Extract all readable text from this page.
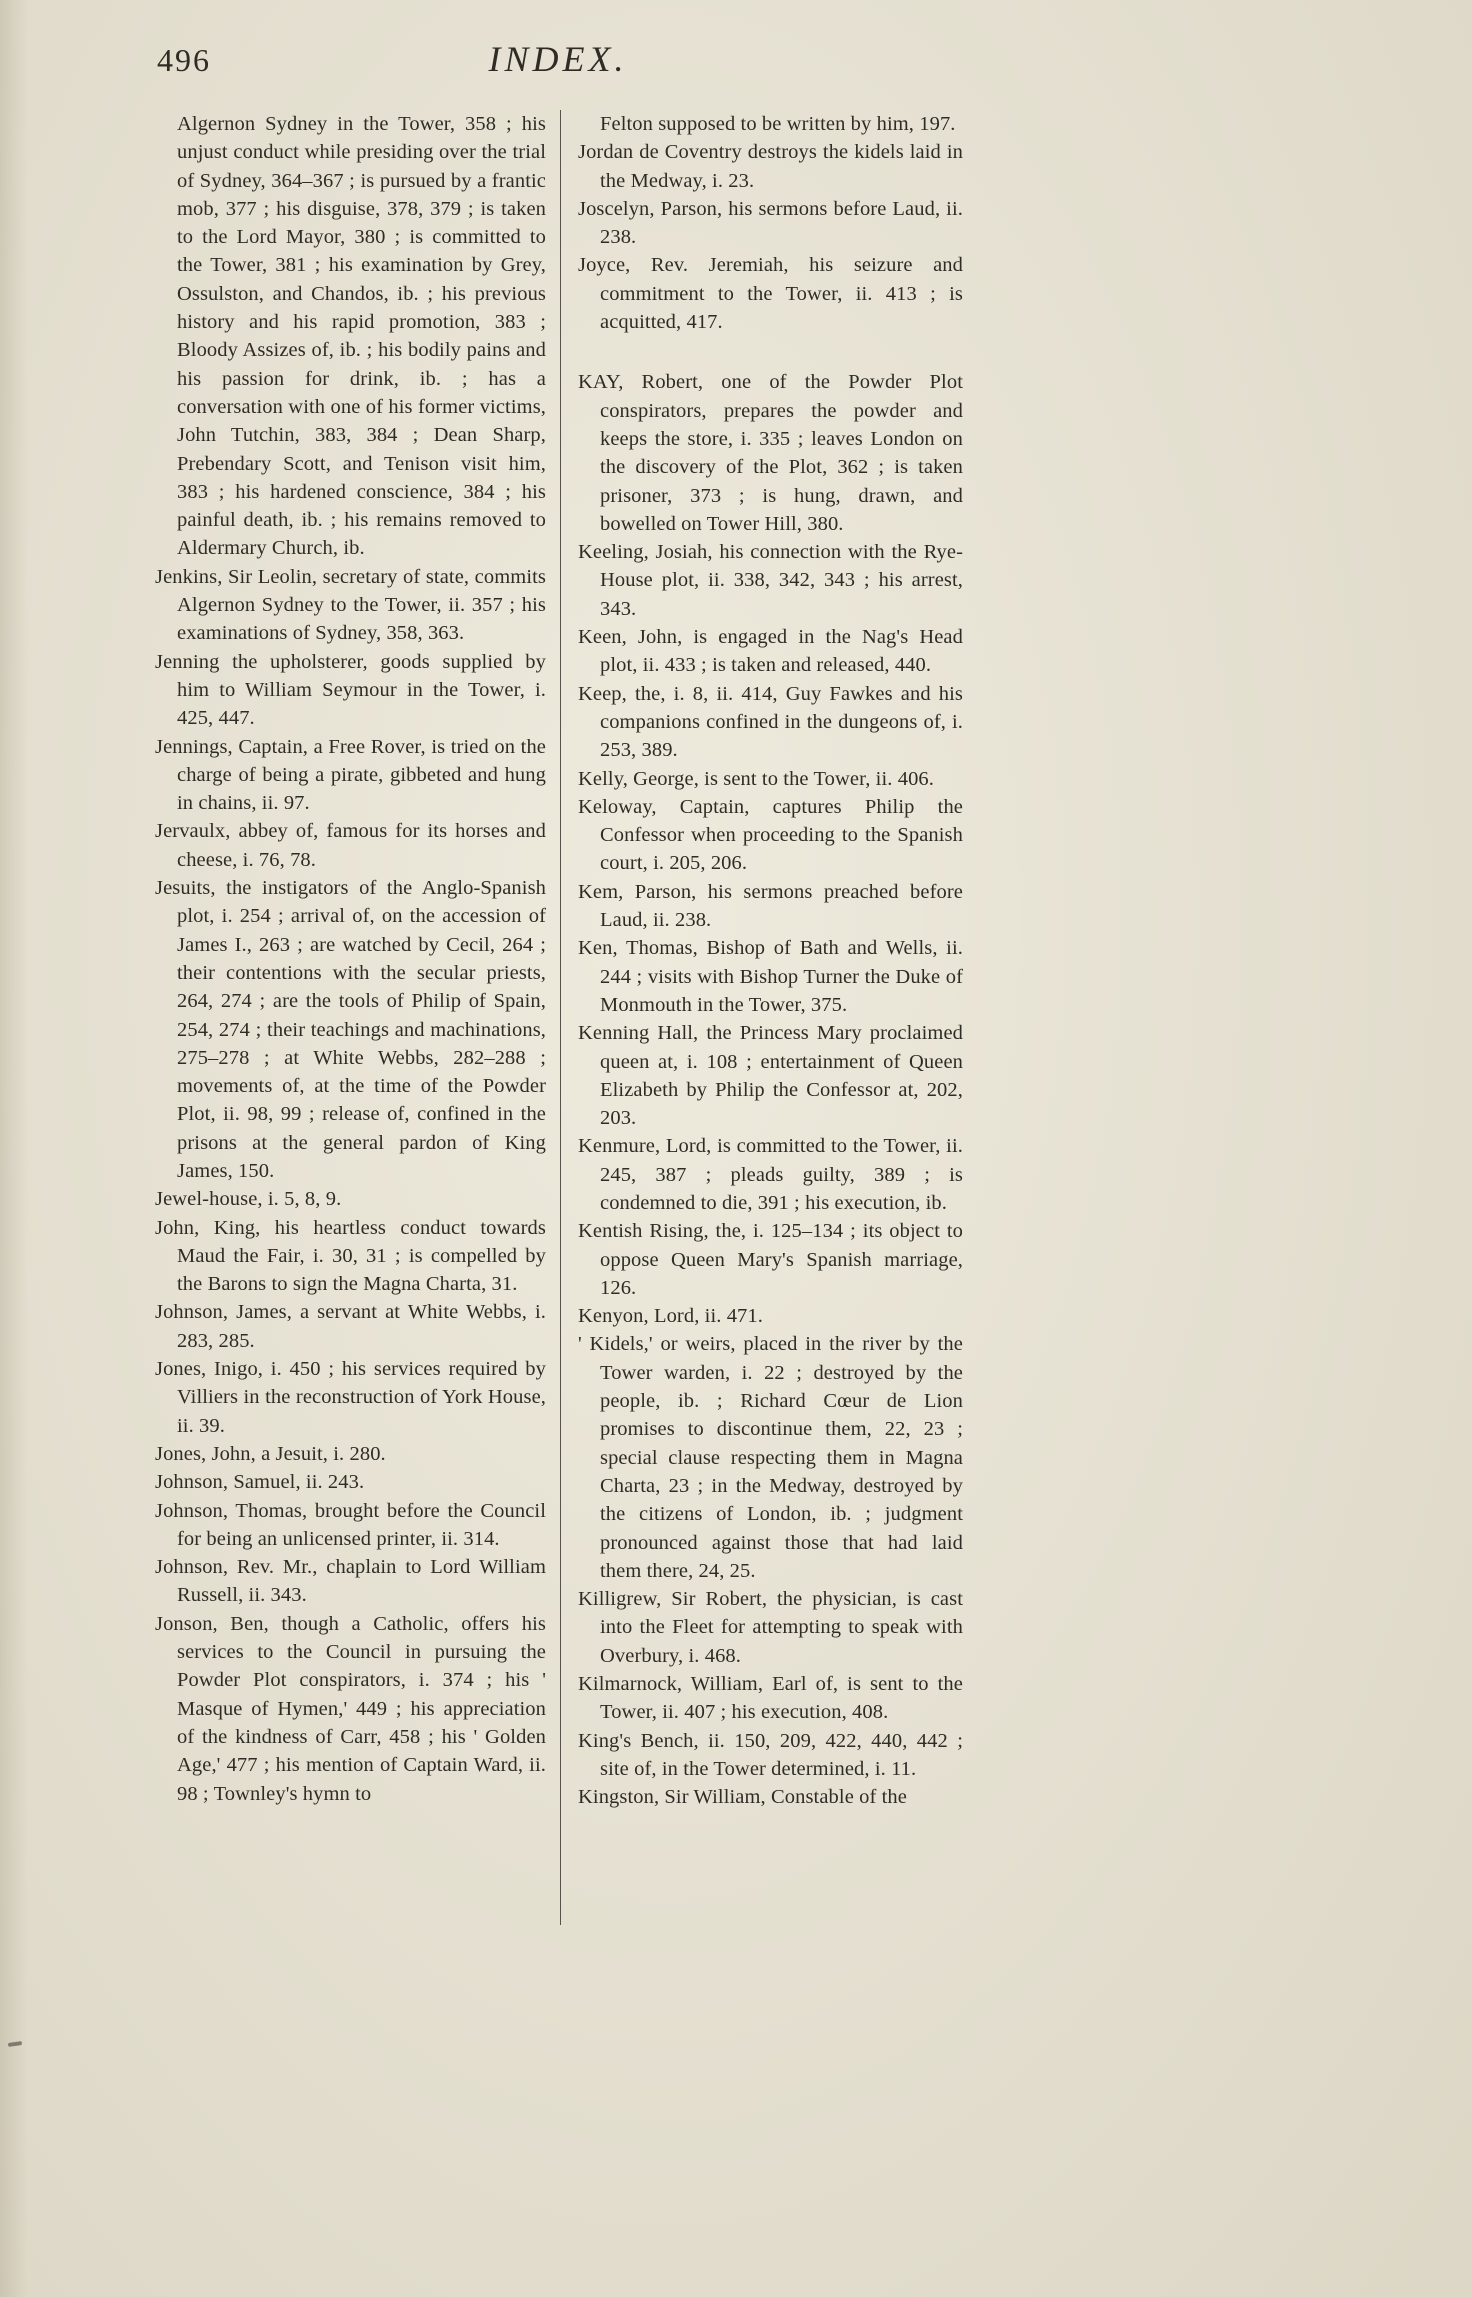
496	INDEX.

Algernon Sydney in the Tower, 358 ; his unjust conduct while presiding over the trial of Sydney, 364–367 ; is pursued by a frantic mob, 377 ; his disguise, 378, 379 ; is taken to the Lord Mayor, 380 ; is committed to the Tower, 381 ; his examination by Grey, Ossulston, and Chandos, ib. ; his previous history and his rapid promotion, 383 ; Bloody Assizes of, ib. ; his bodily pains and his passion for drink, ib. ; has a conversation with one of his former victims, John Tutchin, 383, 384 ; Dean Sharp, Prebendary Scott, and Tenison visit him, 383 ; his hardened conscience, 384 ; his painful death, ib. ; his remains removed to Aldermary Church, ib.

Jenkins, Sir Leolin, secretary of state, commits Algernon Sydney to the Tower, ii. 357 ; his examinations of Sydney, 358, 363.

Jenning the upholsterer, goods supplied by him to William Seymour in the Tower, i. 425, 447.

Jennings, Captain, a Free Rover, is tried on the charge of being a pirate, gibbeted and hung in chains, ii. 97.

Jervaulx, abbey of, famous for its horses and cheese, i. 76, 78.

Jesuits, the instigators of the Anglo-Spanish plot, i. 254 ; arrival of, on the accession of James I., 263 ; are watched by Cecil, 264 ; their contentions with the secular priests, 264, 274 ; are the tools of Philip of Spain, 254, 274 ; their teachings and machinations, 275–278 ; at White Webbs, 282–288 ; movements of, at the time of the Powder Plot, ii. 98, 99 ; release of, confined in the prisons at the general pardon of King James, 150.

Jewel-house, i. 5, 8, 9.

John, King, his heartless conduct towards Maud the Fair, i. 30, 31 ; is compelled by the Barons to sign the Magna Charta, 31.

Johnson, James, a servant at White Webbs, i. 283, 285.

Jones, Inigo, i. 450 ; his services required by Villiers in the reconstruction of York House, ii. 39.

Jones, John, a Jesuit, i. 280.

Johnson, Samuel, ii. 243.

Johnson, Thomas, brought before the Council for being an unlicensed printer, ii. 314.

Johnson, Rev. Mr., chaplain to Lord William Russell, ii. 343.

Jonson, Ben, though a Catholic, offers his services to the Council in pursuing the Powder Plot conspirators, i. 374 ; his ' Masque of Hymen,' 449 ; his appreciation of the kindness of Carr, 458 ; his ' Golden Age,' 477 ; his mention of Captain Ward, ii. 98 ; Townley's hymn to

Felton supposed to be written by him, 197.

Jordan de Coventry destroys the kidels laid in the Medway, i. 23.

Joscelyn, Parson, his sermons before Laud, ii. 238.

Joyce, Rev. Jeremiah, his seizure and commitment to the Tower, ii. 413 ; is acquitted, 417.

KAY, Robert, one of the Powder Plot conspirators, prepares the powder and keeps the store, i. 335 ; leaves London on the discovery of the Plot, 362 ; is taken prisoner, 373 ; is hung, drawn, and bowelled on Tower Hill, 380.

Keeling, Josiah, his connection with the Rye-House plot, ii. 338, 342, 343 ; his arrest, 343.

Keen, John, is engaged in the Nag's Head plot, ii. 433 ; is taken and released, 440.

Keep, the, i. 8, ii. 414, Guy Fawkes and his companions confined in the dungeons of, i. 253, 389.

Kelly, George, is sent to the Tower, ii. 406.

Keloway, Captain, captures Philip the Confessor when proceeding to the Spanish court, i. 205, 206.

Kem, Parson, his sermons preached before Laud, ii. 238.

Ken, Thomas, Bishop of Bath and Wells, ii. 244 ; visits with Bishop Turner the Duke of Monmouth in the Tower, 375.

Kenning Hall, the Princess Mary proclaimed queen at, i. 108 ; entertainment of Queen Elizabeth by Philip the Confessor at, 202, 203.

Kenmure, Lord, is committed to the Tower, ii. 245, 387 ; pleads guilty, 389 ; is condemned to die, 391 ; his execution, ib.

Kentish Rising, the, i. 125–134 ; its object to oppose Queen Mary's Spanish marriage, 126.

Kenyon, Lord, ii. 471.

' Kidels,' or weirs, placed in the river by the Tower warden, i. 22 ; destroyed by the people, ib. ; Richard Cœur de Lion promises to discontinue them, 22, 23 ; special clause respecting them in Magna Charta, 23 ; in the Medway, destroyed by the citizens of London, ib. ; judgment pronounced against those that had laid them there, 24, 25.

Killigrew, Sir Robert, the physician, is cast into the Fleet for attempting to speak with Overbury, i. 468.

Kilmarnock, William, Earl of, is sent to the Tower, ii. 407 ; his execution, 408.

King's Bench, ii. 150, 209, 422, 440, 442 ; site of, in the Tower determined, i. 11.

Kingston, Sir William, Constable of the
